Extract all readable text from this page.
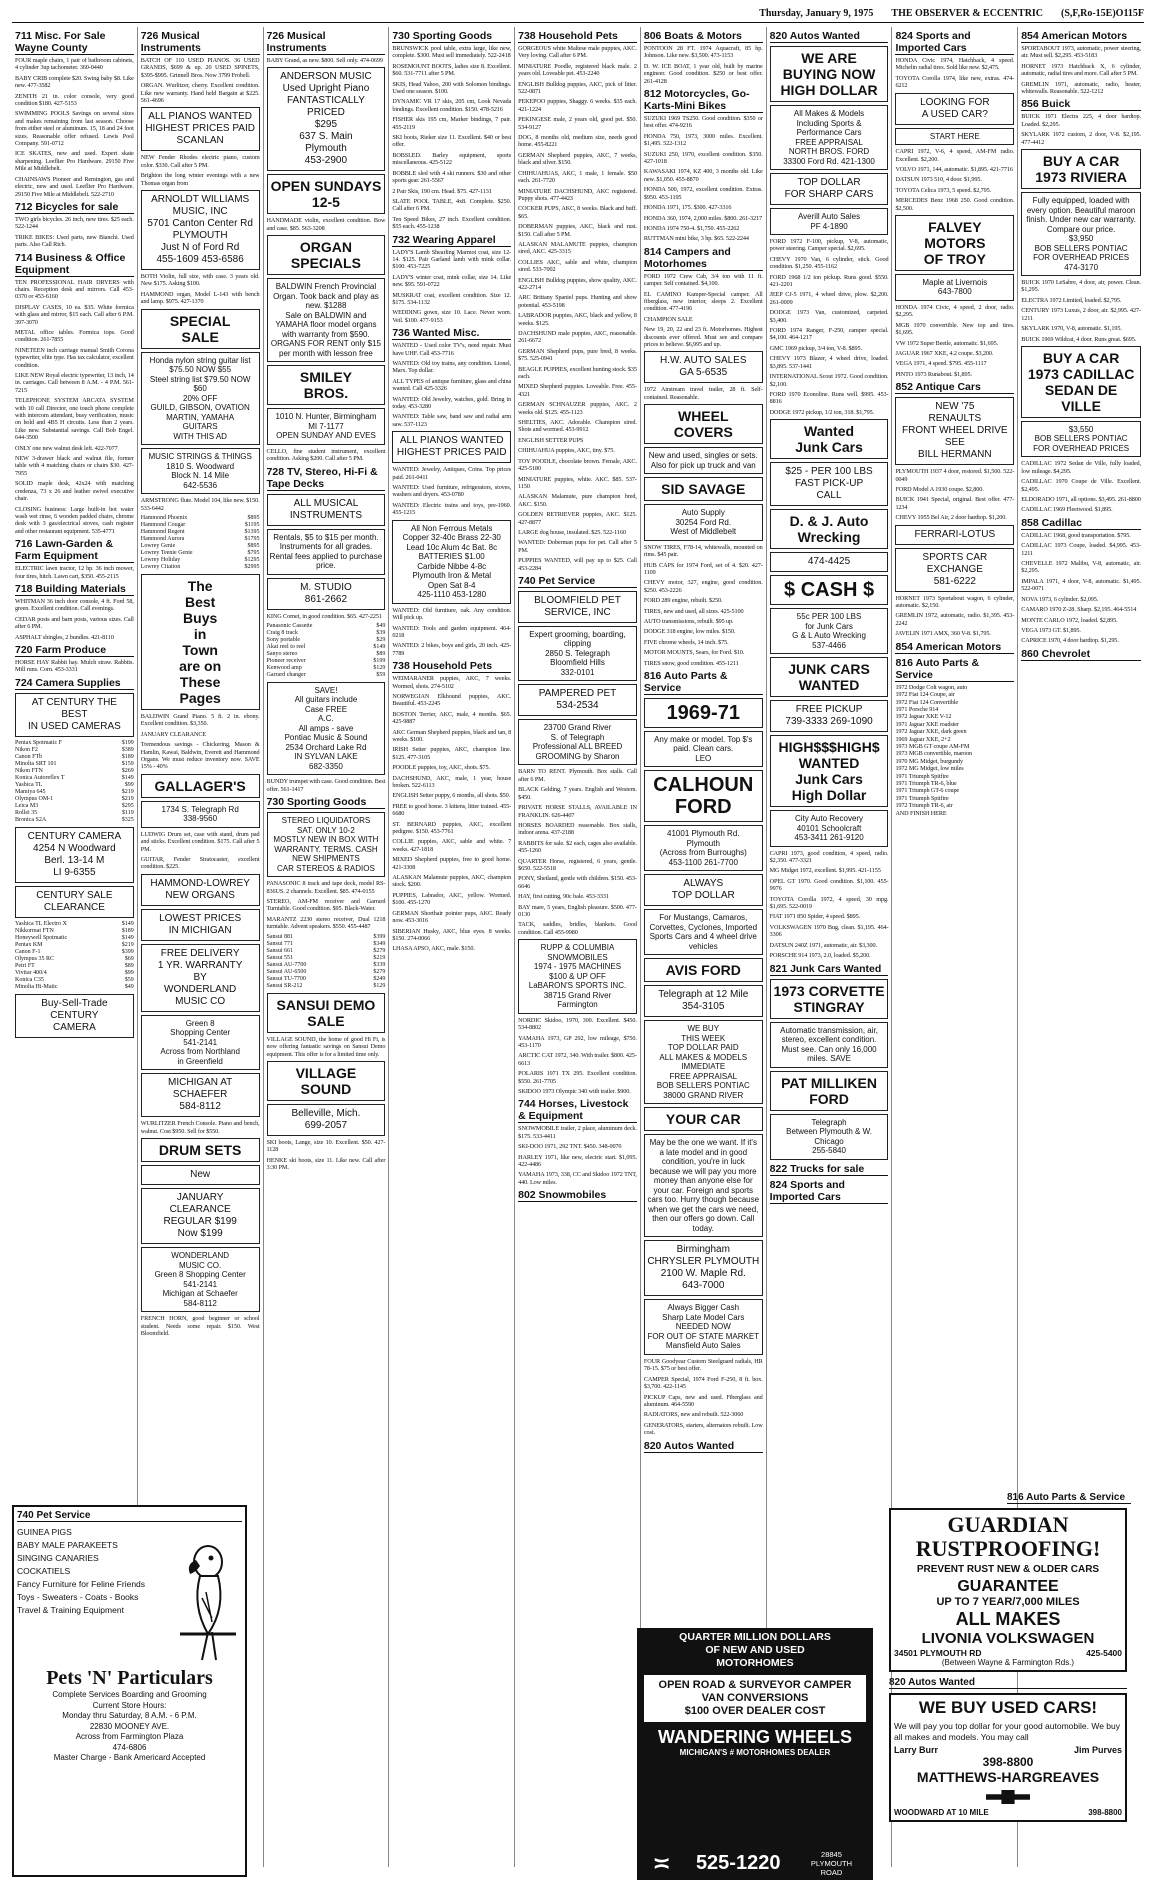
Thursday, January 9, 1975 THE OBSERVER & ECCENTRIC (S,F,Ro-15E)O115F
711 Misc. For Sale Wayne County

FOUR maple chairs, 1 pair of bathroom cabinets, 4 cylinder 3up tachometer. 360-0440

BABY CRIB complete $20. Swing baby $8. Like new. 477-3582

ZENITH 21 in. color console, very good condition $180. 427-5153

SWIMMING POOLS Savings on several sizes and makes remaining from last season. Choose from either steel or aluminum. 15, 18 and 24 foot sizes. Reasonable offer refused. Lewis Pool Company. 591-0712

ICE SKATES, new and used. Expert skate sharpening. Leeflier Pro Hardware. 29150 Five Mile at Middlebelt.

CHAINSAWS Pioneer and Remington, gas and electric, new and used. Leeflier Pro Hardware. 29150 Five Mile at Middlebelt. 522-2710

712 Bicycles for sale

TWO girls bicycles. 26 inch, new tires. $25 each. 522-1244

TRIKE BIKES: Used parts, new Bianchi. Used parts. Also Call Rich.

714 Business & Office Equipment

TEN PROFESSIONAL HAIR DRYERS with chairs. Reception desk and mirrors. Call 453-0370 or 453-6160

DISPLAY CASES, 10 ea. $35. White formica with glass and mirror, $15 each. Call after 6 P.M. 397-3070

METAL office tables. Formica tops. Good condition. 261-7855

NINETEEN inch carriage manual Smith Corona typewriter, elite type. Has tax calculator, excellent condition.

LIKE NEW Royal electric typewriter, 13 inch, 14 in. carriages. Call between 8 A.M. - 4 P.M. 561-7215

TELEPHONE SYSTEM ARCATA SYSTEM with 10 call Director, one touch phone complete with intercom attendant, busy verification, music on hold and 4B5 H circuits. Less than 2 years. Like new. Substantial savings. Call Bob Engel. 644-3500

ONLY one new walnut desk left. 422-7077

NEW 3-drawer black and walnut file, former table with 4 matching chairs or chairs $30. 427-7955

SOLID maple desk, 42x24 with matching credenza, 73 x 26 and leather swivel executive chair.

CLOSING business: Large built-in hot water wash wet rinse, 6 wooden padded chairs, chrome desk with 3 gas/electrical stoves, cash register and other restaurant equipment. 535-4771

716 Lawn-Garden & Farm Equipment

ELECTRIC lawn tractor, 12 hp. 36 inch mower, four tires, hitch. Lawn cart, $350. 455-2115

718 Building Materials

WHITMAN 36 inch door console, 4 ft. Ford 58, green. Excellent condition. Call evenings.

CEDAR posts and barn posts, various sizes. Call after 6 PM.

ASPHALT shingles, 2 bundles. 421-8110

720 Farm Produce

HORSE HAY Rabbit hay. Mulch straw. Rabbits. Mill runs. Corn. 453-3331

724 Camera Supplies
AT CENTURY THE BEST
IN USED CAMERAS
Pentax Spotmatic F	$199
Nikon F2	$389
Canon FTb	$189
Minolta SRT 101	$159
Nikon FTN	$269
Konica Autoreflex T	$149
Yashica TL	$99
Mamiya 645	$219
Olympus OM-1	$219
Leica M3	$295
Rollei 35	$119
Bronica S2A	$325
CENTURY CAMERA
4254 N Woodward
Berl. 13-14 M
LI 9-6355
CENTURY SALE
CLEARANCE
Yashica TL Electro X	$149
Nikkormat FTN	$189
Honeywell Spotmatic	$149
Pentax KM	$219
Canon F-1	$399
Olympus 35 RC	$69
Petri FT	$89
Vivitar 400/4	$99
Konica C35	$59
Minolta Hi-Matic	$49
Buy-Sell-Trade
CENTURY
CAMERA
726 Musical Instruments

BATCH OF 110 USED PIANOS. 36 USED GRANDS, $699 & up. 20 USED SPINETS, $395-$995. Grinnell Bros. Now 3799 Frobell.

ORGAN. Wurlitzer, cherry. Excellent condition. Like new warranty. Hand held Bargain at $225. 561-4696

ALL PIANOS WANTED
HIGHEST PRICES PAID
SCANLAN

NEW Fender Rhodes electric piano, custom color. $330. Call after 5 PM.

Brighton the long winter evenings with a new Thomas organ from

ARNOLDT WILLIAMS
MUSIC, INC
5701 Canton Center Rd
PLYMOUTH
Just N of Ford Rd
455-1609 453-6586

BOTH Violin, full size, with case. 3 years old. New $175. Asking $100.

HAMMOND organ, Model L-143 with bench and lamp. $975. 427-1370

SPECIAL
SALE
Honda nylon string guitar list $75.50 NOW $55
Steel string list $79.50 NOW $60
20% OFF
GUILD, GIBSON, OVATION
MARTIN, YAMAHA
GUITARS
WITH THIS AD
MUSIC STRINGS & THINGS
1810 S. Woodward
Block N. 14 Mile
642-5536

ARMSTRONG flute. Model 104, like new. $150. 533-6442

Hammond Phoenix	$895
Hammond Cougar	$1195
Hammond Regent	$1395
Hammond Aurora	$1795
Lowrey Genie	$895
Lowrey Teenie Genie	$795
Lowrey Holiday	$1295
Lowrey Citation	$2995
The
Best
Buys
in
Town
are on
These
Pages

BALDWIN Grand Piano. 5 ft. 2 in. ebony. Excellent condition. $3,350.

JANUARY CLEARANCE

Tremendous savings - Chickering, Mason & Hamlin, Kawai, Baldwin, Everett and Hammond Organs. We must reduce inventory now. SAVE 15% - 40%

GALLAGER'S
1734 S. Telegraph Rd
338-9560

LUDWIG Drum set, case with stand, drum pad and sticks. Excellent condition. $175. Call after 5 PM.

GUITAR, Fender Stratocaster, excellent condition. $225.

HAMMOND-LOWREY
NEW ORGANS
LOWEST PRICES
IN MICHIGAN
FREE DELIVERY
1 YR. WARRANTY
BY
WONDERLAND
MUSIC CO
Green 8
Shopping Center
541-2141
Across from Northland
in Greenfield
MICHIGAN AT
SCHAEFER
584-8112

WURLITZER French Console. Piano and bench, walnut. Cost $950. Sell for $550.

DRUM SETS
New
JANUARY
CLEARANCE
REGULAR $199
Now $199
WONDERLAND
MUSIC CO.
Green 8 Shopping Center
541-2141
Michigan at Schaefer
584-8112

FRENCH HORN, good beginner or school student. Needs some repair. $150. West Bloomfield.

726 Musical Instruments

BABY Grand, as new. $800. Sell only. 474-0699

ANDERSON MUSIC
Used Upright Piano
FANTASTICALLY PRICED
$295
637 S. Main
Plymouth
453-2900
OPEN SUNDAYS
12-5

HANDMADE violin, excellent condition. Bow and case. $85. 563-3208

ORGAN SPECIALS
BALDWIN French Provincial Organ. Took back and play as new. $1288
Sale on BALDWIN and YAMAHA floor model organs with warranty from $590.
ORGANS FOR RENT only $15 per month with lesson free
SMILEY
BROS.
1010 N. Hunter, Birmingham
MI 7-1177
OPEN SUNDAY AND EVES

CELLO, fine student instrument, excellent condition. Asking $200. Call after 5 PM.

728 TV, Stereo, Hi-Fi & Tape Decks
ALL MUSICAL
INSTRUMENTS
Rentals, $5 to $15 per month. Instruments for all grades. Rental fees applied to purchase price.
M. STUDIO
861-2662

KING Cornet, in good condition. $65. 427-2251

Panasonic Cassette	$49
Craig 8 track	$39
Sony portable	$29
Akai reel to reel	$149
Sanyo stereo	$89
Pioneer receiver	$199
Kenwood amp	$129
Garrard changer	$59
SAVE!
All guitars include
Case FREE
A.C.
All amps - save
Pontiac Music & Sound
2534 Orchard Lake Rd
IN SYLVAN LAKE
682-3350

BUNDY trumpet with case. Good condition. Best offer. 561-1417

730 Sporting Goods
STEREO LIQUIDATORS
SAT. ONLY 10-2
MOSTLY NEW IN BOX WITH
WARRANTY. TERMS. CASH
NEW SHIPMENTS
CAR STEREOS & RADIOS

PANASONIC 8 track and tape deck, model RS-836US. 2 channels. Excellent. $85. 474-0155

STEREO, AM-FM receiver and Garrard Turntable. Good condition. $95. Black-Water.

MARANTZ 2230 stereo receiver, Dual 1218 turntable. Advent speakers. $550. 455-4487

Sansui 881	$399
Sansui 771	$349
Sansui 661	$279
Sansui 551	$219
Sansui AU-7700	$339
Sansui AU-6500	$279
Sansui TU-7700	$249
Sansui SR-212	$129
SANSUI DEMO
SALE

VILLAGE SOUND, the home of good Hi Fi, is now offering fantastic savings on Sansui Demo equipment. This offer is for a limited time only.

VILLAGE SOUND
Belleville, Mich.
699-2057

SKI boots, Lange, size 10. Excellent. $50. 427-1128

HENKE ski boots, size 11. Like new. Call after 3:30 PM.

730 Sporting Goods

BRUNSWICK pool table, extra large, like new, complete. $300. Must sell immediately. 522-2418

ROSEMOUNT BOOTS, ladies size 8. Excellent. $60. 531-7711 after 5 PM.

SKIS, Head Yahoo, 200 with Solomon bindings. Used one season. $100.

DYNAMIC VR 17 skis, 205 cm, Look Nevada bindings. Excellent condition. $150. 478-5216

FISHER skis 195 cm, Marker bindings, 7 pair. 455-2119

SKI boots, Rieker size 11. Excellent. $40 or best offer.

BOBSLED. Barley equipment, sports miscellaneous. 425-5122

BOBBLE sled with 4 ski runners. $30 and other sports gear. 261-5567

2 Pair Skis, 190 cm. Head. $75. 427-1131

SLATE POOL TABLE, 4x8. Complete. $250. Call after 6 PM.

Ten Speed Bikes, 27 inch. Excellent condition. $55 each. 455-1238

732 Wearing Apparel

LADY'S Lamb Shearling Marmot coat, size 12-14. $125. Pair Garland lamb with mink collar. $100. 453-7225

LADY'S winter coat, mink collar, size 14. Like new. $95. 591-0722

MUSKRAT coat, excellent condition. Size 12. $175. 534-1132

WEDDING gown, size 10. Lace. Never worn. Veil. $100. 477-9153

736 Wanted Misc.

WANTED - Used color TV's, need repair. Must have UHF. Call 453-7716

WANTED: Old toy trains, any condition. Lionel, Marx. Top dollar.

ALL TYPES of antique furniture, glass and china wanted. Call 425-3326

WANTED: Old Jewelry, watches, gold. Bring in today. 453-3280

WANTED: Table saw, band saw and radial arm saw. 537-1123

ALL PIANOS WANTED
HIGHEST PRICES PAID

WANTED: Jewelry, Antiques, Coins. Top prices paid. 261-0411

WANTED: Used furniture, refrigerators, stoves, washers and dryers. 453-0780

WANTED: Electric trains and toys, pre-1960. 455-1215

All Non Ferrous Metals
Copper 32-40c Brass 22-30
Lead 10c Alum 4c Bat. 8c
BATTERIES $1.00
Carbide Nibbe 4-8c
Plymouth Iron & Metal
Open Sat 8-4
425-1110 453-1280

WANTED: Old furniture, oak. Any condition. Will pick up.

WANTED: Tools and garden equipment. 464-0218

WANTED: 2 bikes, boys and girls, 20 inch. 425-7789

738 Household Pets

WEIMARANER puppies, AKC, 7 weeks. Wormed, shots. 274-5102

NORWEGIAN Elkhound puppies, AKC. Beautiful. 453-2245

BOSTON Terrier, AKC, male, 4 months. $65. 425-9887

AKC German Shepherd puppies, black and tan, 8 weeks. $100.

IRISH Setter puppies, AKC, champion line. $125. 477-3105

POODLE puppies, toy, AKC, shots. $75.

DACHSHUND, AKC, male, 1 year, house broken. 522-6113

ENGLISH Setter puppy, 6 months, all shots. $50.

FREE to good home. 3 kittens, litter trained. 455-6680

ST. BERNARD puppies, AKC, excellent pedigree. $150. 453-7761

COLLIE puppies, AKC, sable and white. 7 weeks. 427-1818

MIXED Shepherd puppies, free to good home. 421-3308

ALASKAN Malamute puppies, AKC, champion stock. $200.

PUPPIES, Labrador, AKC, yellow. Wormed. $100. 455-1270

GERMAN Shorthair pointer pups, AKC. Ready now. 453-3016

SIBERIAN Husky, AKC, blue eyes. 8 weeks. $150. 274-0066

LHASA APSO, AKC, male. $150.

738 Household Pets

GORGEOUS white Maltese male puppies, AKC. Very loving. Call after 6 PM.

MINIATURE Poodle, registered black male. 2 years old. Loveable pet. 453-2240

ENGLISH Bulldog puppies, AKC, pick of litter. 522-0871

PEKEPOO puppies, Shaggy. 6 weeks. $35 each. 421-1224

PEKINGESE male, 2 years old, good pet. $50. 534-9127

DOG, 8 months old, medium size, needs good home. 455-8221

GERMAN Shepherd puppies, AKC, 7 weeks, black and silver. $150.

CHIHUAHUAS, AKC, 1 male, 1 female. $50 each. 261-7720

MINIATURE DACHSHUND, AKC registered. Puppy shots. 477-4423

COCKER PUPS, AKC, 8 weeks. Black and buff. $65.

DOBERMAN puppies, AKC, black and rust. $150. Call after 5 PM.

ALASKAN MALAMUTE puppies, champion sired, AKC. 425-3315

COLLIES AKC, sable and white, champion sired. 533-7002

ENGLISH Bulldog puppies, show quality, AKC. 422-2714

ARC Brittany Spaniel pups. Hunting and show potential. 453-5198

LABRADOR puppies, AKC, black and yellow, 8 weeks. $125.

DACHSHUND male puppies, AKC, reasonable. 261-6672

GERMAN Shepherd pups, pure bred, 8 weeks. $75. 525-0941

BEAGLE PUPPIES, excellent hunting stock. $35 each.

MIXED Shepherd puppies. Loveable. Free. 455-4321

GERMAN SCHNAUZER puppies, AKC. 2 weeks old. $125. 455-1123

SHELTIES, AKC. Adorable. Champion sired. Shots and wormed. 453-9912

ENGLISH SETTER PUPS

CHIHUAHUA puppies, AKC, tiny. $75.

TOY POODLE, chocolate brown. Female, AKC. 425-5180

MINIATURE puppies, white. AKC. $85. 537-1150

ALASKAN Malamute, pure champion bred, AKC. $150.

GOLDEN RETRIEVER puppies, AKC. $125. 427-8877

LARGE dog house, insulated. $25. 522-1160

WANTED: Doberman pups for pet. Call after 5 PM.

PUPPIES WANTED, will pay up to $25. Call 453-2284

740 Pet Service
BLOOMFIELD PET
SERVICE, INC
Expert grooming, boarding, clipping
2850 S. Telegraph
Bloomfield Hills
332-0101
PAMPERED PET
534-2534
23700 Grand River
S. of Telegraph
Professional ALL BREED GROOMING by Sharon

BARN TO RENT. Plymouth. Box stalls. Call after 6 PM.

BLACK Gelding, 7 years. English and Western. $450.

PRIVATE HORSE STALLS, AVAILABLE IN FRANKLIN. 626-4407

HORSES BOARDED reasonable. Box stalls, indoor arena. 437-2188

RABBITS for sale. $2 each, cages also available. 455-1260

QUARTER Horse, registered, 6 years, gentle. $650. 522-5518

PONY, Shetland, gentle with children. $150. 453-6646

HAY, first cutting, 90c bale. 453-3331

BAY mare, 5 years, English pleasure. $500. 477-0130

TACK, saddles, bridles, blankets. Good condition. Call 455-9980

RUPP & COLUMBIA
SNOWMOBILES
1974 - 1975 MACHINES
$100 & UP OFF
LaBARON'S SPORTS INC.
38715 Grand River
Farmington

NORDIC Skidoo, 1970, 300. Excellent. $450. 534-8802

YAMAHA 1973, GP 292, low mileage, $750. 453-1170

ARCTIC CAT 1972, 340. With trailer. $800. 425-6613

POLARIS 1971 TX 295. Excellent condition. $550. 261-7705

SKIDOO 1973 Olympic 340 with trailer. $900.

744 Horses, Livestock & Equipment

SNOWMOBILE trailer, 2 place, aluminum deck. $175. 533-4411

SKI-DOO 1971, 292 TNT. $450. 348-0070

HARLEY 1971, like new, electric start. $1,095. 422-4486

YAMAHA 1973, 338, CC and Skidoo 1972 TNT, 440. Low miles.

802 Snowmobiles
806 Boats & Motors

PONTOON 28 FT. 1974 Aquacraft, 85 hp. Johnson. Like new. $3,500. 473-1153

D. W. ICE BOAT, 1 year old, built by marine engineer. Good condition. $250 or best offer. 261-4128

812 Motorcycles, Go-Karts-Mini Bikes

SUZUKI 1969 TS250. Good condition. $350 or best offer. 474-9216

HONDA 750, 1973, 3000 miles. Excellent. $1,495. 522-1312

SUZUKI 250, 1970, excellent condition. $350. 427-1018

KAWASAKI 1974, KZ 400, 3 months old. Like new. $1,050. 455-8870

HONDA 500, 1972, excellent condition. Extras. $950. 453-1195

HONDA 1971, 175. $300. 427-3316

HONDA 360, 1974, 2,000 miles. $800. 261-3217

HONDA 1974 750-4. $1,750. 455-2262

RUTTMAN mini bike, 3 hp. $65. 522-2244

814 Campers and Motorhomes

FORD 1972 Crew Cab, 3/4 ton with 11 ft. camper. Self contained. $4,100.

EL CAMINO Kamper-Special camper. All fiberglass, new interior, sleeps 2. Excellent condition. 477-4196

CHAMPION SALE

New 19, 20, 22 and 23 ft. Motorhomes. Highest discounts ever offered. Must see and compare prices to believe. $6,995 and up.

H.W. AUTO SALES
GA 5-6535

1972 Airstream travel trailer, 28 ft. Self-contained. Reasonable.

WHEEL COVERS
New and used, singles or sets. Also for pick up truck and van
SID SAVAGE
Auto Supply
30254 Ford Rd.
West of Middlebelt

SNOW TIRES, F78-14, whitewalls, mounted on rims. $45 pair.

HUB CAPS for 1974 Ford, set of 4. $20. 427-1109

CHEVY motor, 327, engine, good condition. $250. 453-2226

FORD 289 engine, rebuilt. $250.

TIRES, new and used, all sizes. 425-5100

AUTO transmissions, rebuilt. $95 up.

DODGE 318 engine, low miles. $150.

FIVE chrome wheels, 14 inch. $75.

MOTOR MOUNTS, Sears, for Ford. $10.

TIRES snow, good condition. 455-1211

816 Auto Parts & Service
1969-71
Any make or model. Top $'s paid. Clean cars.
LEO
CALHOUN
FORD
41001 Plymouth Rd.
Plymouth
(Across from Burroughs)
453-1100 261-7700
ALWAYS
TOP DOLLAR
For Mustangs, Camaros, Corvettes, Cyclones, Imported Sports Cars and 4 wheel drive vehicles
AVIS FORD
Telegraph at 12 Mile
354-3105
WE BUY
THIS WEEK
TOP DOLLAR PAID
ALL MAKES & MODELS
IMMEDIATE
FREE APPRAISAL
BOB SELLERS PONTIAC
38000 GRAND RIVER
YOUR CAR
May be the one we want. If it's a late model and in good condition, you're in luck because we will pay you more money than anyone else for your car. Foreign and sports cars too. Hurry though because when we get the cars we need, then our offers go down. Call today.
Birmingham
CHRYSLER PLYMOUTH
2100 W. Maple Rd.
643-7000
Always Bigger Cash
Sharp Late Model Cars
NEEDED NOW
FOR OUT OF STATE MARKET
Mansfield Auto Sales

FOUR Goodyear Custom Steelguard radials, HR 78-15. $75 or best offer.

CAMPER Special, 1974 Ford F-250, 8 ft. box. $3,700. 422-1145

PICKUP Caps, new and used. Fiberglass and aluminum. 464-5590

RADIATORS, new and rebuilt. 522-3060

GENERATORS, starters, alternators rebuilt. Low cost.

820 Autos Wanted
820 Autos Wanted
WE ARE
BUYING NOW
HIGH DOLLAR
All Makes & Models
Including Sports &
Performance Cars
FREE APPRAISAL
NORTH BROS. FORD
33300 Ford Rd. 421-1300
TOP DOLLAR
FOR SHARP CARS
Averill Auto Sales
PF 4-1890

FORD 1972 F-100, pickup, V-8, automatic, power steering. Camper special. $2,695.

CHEVY 1970 Van, 6 cylinder, stick. Good condition. $1,250. 455-1162

FORD 1968 1/2 ton pickup. Runs good. $550. 421-2201

JEEP CJ-5 1971, 4 wheel drive, plow. $2,200. 261-0009

DODGE 1973 Van, customized, carpeted. $3,400.

FORD 1974 Ranger, F-250, camper special. $4,100. 464-1217

GMC 1969 pickup, 3/4 ton, V-8. $895.

CHEVY 1973 Blazer, 4 wheel drive, loaded. $3,895. 537-1441

INTERNATIONAL Scout 1972. Good condition. $2,100.

FORD 1970 Econoline. Runs well. $995. 453-8816

DODGE 1972 pickup, 1/2 ton, 318. $1,795.

Wanted
Junk Cars
$25 - PER 100 LBS
FAST PICK-UP
CALL
D. & J. Auto
Wrecking
474-4425
$ CASH $
55c PER 100 LBS
for Junk Cars
G & L Auto Wrecking
537-4466
JUNK CARS
WANTED
FREE PICKUP
739-3333 269-1090
HIGH$$$HIGH$
WANTED
Junk Cars
High Dollar
City Auto Recovery
40101 Schoolcraft
453-3411 261-9120

CAPRI 1973, good condition, 4 speed, radio. $2,350. 477-3321

MG Midget 1972, excellent. $1,995. 421-1155

OPEL GT 1970. Good condition. $1,100. 455-9976

TOYOTA Corolla 1972, 4 speed, 30 mpg. $1,695. 522-0019

FIAT 1971 850 Spider, 4 speed. $895.

VOLKSWAGEN 1970 Bug, clean. $1,195. 464-3306

DATSUN 240Z 1971, automatic, air. $3,300.

PORSCHE 914 1973, 2.0, loaded. $5,200.

821 Junk Cars Wanted
1973 CORVETTE
STINGRAY
Automatic transmission, air, stereo, excellent condition. Must see. Can only 16,000 miles. SAVE
PAT MILLIKEN
FORD
Telegraph
Between Plymouth & W. Chicago
255-5840
822 Trucks for sale
824 Sports and Imported Cars
824 Sports and Imported Cars

HONDA Civic 1974, Hatchback, 4 speed. Michelin radial tires. Sold like new. $2,475.

TOYOTA Corolla 1974, like new, extras. 474-6212

LOOKING FOR
A USED CAR?
START HERE

CAPRI 1972, V-6, 4 speed, AM-FM radio. Excellent. $2,200.

VOLVO 1971, 144, automatic. $1,895. 421-7716

DATSUN 1973 510, 4 door. $1,995.

TOYOTA Celica 1973, 5 speed. $2,795.

MERCEDES Benz 1968 250. Good condition. $2,500.

FALVEY MOTORS
OF TROY
Maple at Livernois
643-7800

HONDA 1974 Civic, 4 speed, 2 door, radio. $2,295.

MGB 1970 convertible. New top and tires. $1,695.

VW 1972 Super Beetle, automatic. $1,695.

JAGUAR 1967 XKE, 4.2 coupe. $3,200.

VEGA 1971, 4 speed. $795. 455-1117

PINTO 1973 Runabout. $1,895.

852 Antique Cars
NEW '75
RENAULTS
FRONT WHEEL DRIVE
SEE
BILL HERMANN

PLYMOUTH 1937 4 door, restored. $1,500. 522-0049

FORD Model A 1930 coupe. $2,800.

BUICK 1941 Special, original. Best offer. 477-1234

CHEVY 1955 Bel Air, 2 door hardtop. $1,200.

FERRARI-LOTUS
SPORTS CAR
EXCHANGE
581-6222

HORNET 1973 Sportabout wagon, 6 cylinder, automatic. $2,150.

GREMLIN 1972, automatic, radio. $1,395. 453-2242

JAVELIN 1971 AMX, 360 V-8. $1,795.

854 American Motors
816 Auto Parts & Service
1972 Dodge Colt wagon, auto
1972 Fiat 124 Coupe, air
1972 Fiat 124 Convertible
1971 Porsche 914
1972 Jaguar XKE V-12
1971 Jaguar XKE roadster
1972 Jaguar XKE, dark green
1969 Jaguar XKE, 2+2
1973 MGB GT coupe AM-FM
1973 MGB convertible, maroon
1970 MG Midget, burgundy
1972 MG Midget, low miles
1971 Triumph Spitfire
1971 Triumph TR-6, blue
1971 Triumph GT-6 coupe
1971 Triumph Spitfire
1972 Triumph TR-6, air
AND FINISH HERE
854 American Motors

SPORTABOUT 1973, automatic, power steering, air. Must sell. $2,295. 453-5183

HORNET 1973 Hatchback X, 6 cylinder, automatic, radial tires and more. Call after 5 PM.

GREMLIN 1971, automatic, radio, heater, whitewalls. Reasonable. 522-1212

856 Buick

BUICK 1971 Electra 225, 4 door hardtop. Loaded. $2,295.

SKYLARK 1972 custom, 2 door, V-8. $2,195. 477-4412

BUY A CAR
1973 RIVIERA
Fully equipped, loaded with every option. Beautiful maroon finish. Under new car warranty. Compare our price.
$3,950
BOB SELLERS PONTIAC
FOR OVERHEAD PRICES
474-3170

BUICK 1970 LeSabre, 4 door, air, power. Clean. $1,295.

ELECTRA 1972 Limited, loaded. $2,795.

CENTURY 1973 Luxus, 2 door, air. $2,995. 427-1211

SKYLARK 1970, V-8, automatic. $1,195.

BUICK 1969 Wildcat, 4 door. Runs great. $695.

BUY A CAR
1973 CADILLAC
SEDAN DE VILLE
$3,550
BOB SELLERS PONTIAC
FOR OVERHEAD PRICES

CADILLAC 1972 Sedan de Ville, fully loaded, low mileage. $4,295.

CADILLAC 1970 Coupe de Ville. Excellent. $2,495.

ELDORADO 1971, all options. $3,495. 261-8800

CADILLAC 1969 Fleetwood. $1,895.

858 Cadillac

CADILLAC 1968, good transportation. $795.

CADILLAC 1973 Coupe, loaded. $4,995. 453-1211

CHEVELLE 1972 Malibu, V-8, automatic, air. $2,295.

IMPALA 1971, 4 door, V-8, automatic. $1,495. 522-0071

NOVA 1973, 6 cylinder. $2,095.

CAMARO 1970 Z-28. Sharp. $2,195. 464-5514

MONTE CARLO 1972, loaded. $2,895.

VEGA 1973 GT. $1,895.

CAPRICE 1970, 4 door hardtop. $1,295.

860 Chevrolet
740 Pet Service
GUINEA PIGS
BABY MALE PARAKEETS
SINGING CANARIES
COCKATIELS
Fancy Furniture for Feline Friends
Toys - Sweaters - Coats - Books
Travel & Training Equipment
Pets 'N' Particulars
Complete Services Boarding and Grooming
Current Store Hours:
Monday thru Saturday, 8 A.M. - 6 P.M.
22830 MOONEY AVE.
Across from Farmington Plaza
474-6806
Master Charge - Bank Americard Accepted
QUARTER MILLION DOLLARS
OF NEW AND USED
MOTORHOMES
OPEN ROAD & SURVEYOR CAMPER
VAN CONVERSIONS
$100 OVER DEALER COST
WANDERING WHEELS
MICHIGAN'S # MOTORHOMES DEALER
≍ 525-1220	28845 PLYMOUTH ROAD
816 Auto Parts & Service
GUARDIAN RUSTPROOFING!
PREVENT RUST NEW & OLDER CARS
GUARANTEE
UP TO 7 YEAR/7,000 MILES
ALL MAKES
LIVONIA VOLKSWAGEN
34501 PLYMOUTH RD	425-5400
(Between Wayne & Farmington Rds.)
820 Autos Wanted
WE BUY USED CARS!
We will pay you top dollar for your good automobile. We buy all makes and models. You may call
Larry Burr	Jim Purves
398-8800
MATTHEWS-HARGREAVES
WOODWARD AT 10 MILE	398-8800
